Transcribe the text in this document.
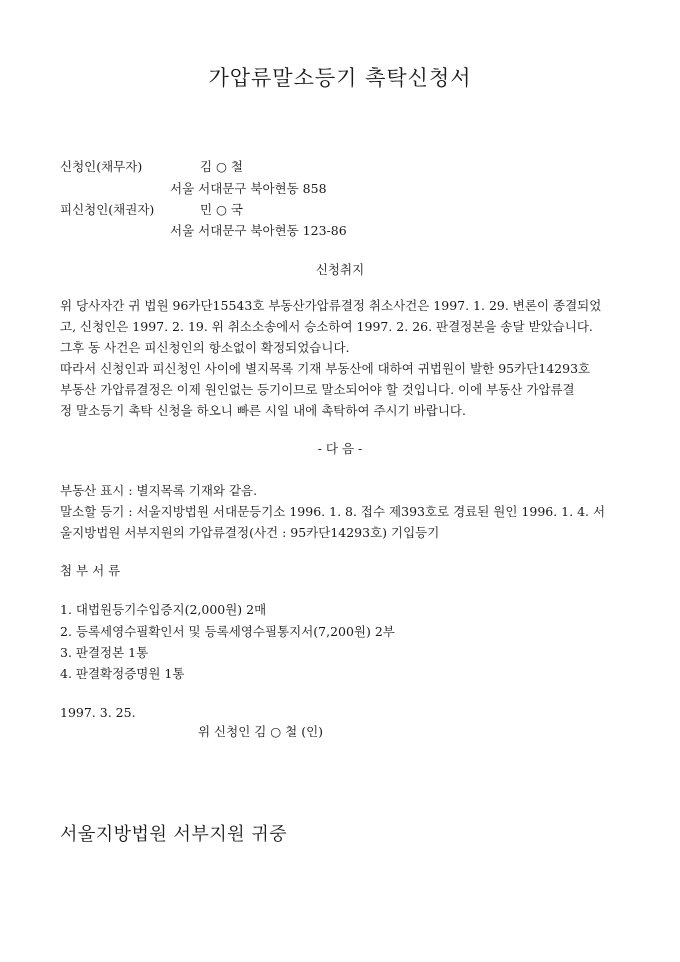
가압류말소등기 촉탁신청서
신청인(채무자)	김 ○ 철
서울 서대문구 북아현동 858
피신청인(채권자)	민 ○ 국
서울 서대문구 북아현동 123-86
신청취지
위 당사자간 귀 법원 96카단15543호 부동산가압류결정 취소사건은 1997. 1. 29. 변론이 종결되었
고, 신청인은 1997. 2. 19. 위 취소소송에서 승소하여 1997. 2. 26. 판결정본을 송달 받았습니다.
그후 동 사건은 피신청인의 항소없이 확정되었습니다.
따라서 신청인과 피신청인 사이에 별지목록 기재 부동산에 대하여 귀법원이 발한 95카단14293호
부동산 가압류결정은 이제 원인없는 등기이므로 말소되어야 할 것입니다. 이에 부동산 가압류결
정 말소등기 촉탁 신청을 하오니 빠른 시일 내에 촉탁하여 주시기 바랍니다.
- 다 음 -
부동산 표시 : 별지목록 기재와 같음.
말소할 등기 : 서울지방법원 서대문등기소 1996. 1. 8. 접수 제393호로 경료된 원인 1996. 1. 4. 서
울지방법원 서부지원의 가압류결정(사건 : 95카단14293호) 기입등기
첨 부 서 류
1. 대법원등기수입증지(2,000원) 2매
2. 등록세영수필확인서 및 등록세영수필통지서(7,200원) 2부
3. 판결정본 1통
4. 판결확정증명원 1통
1997. 3. 25.
위 신청인 김 ○ 철 (인)
서울지방법원 서부지원 귀중
